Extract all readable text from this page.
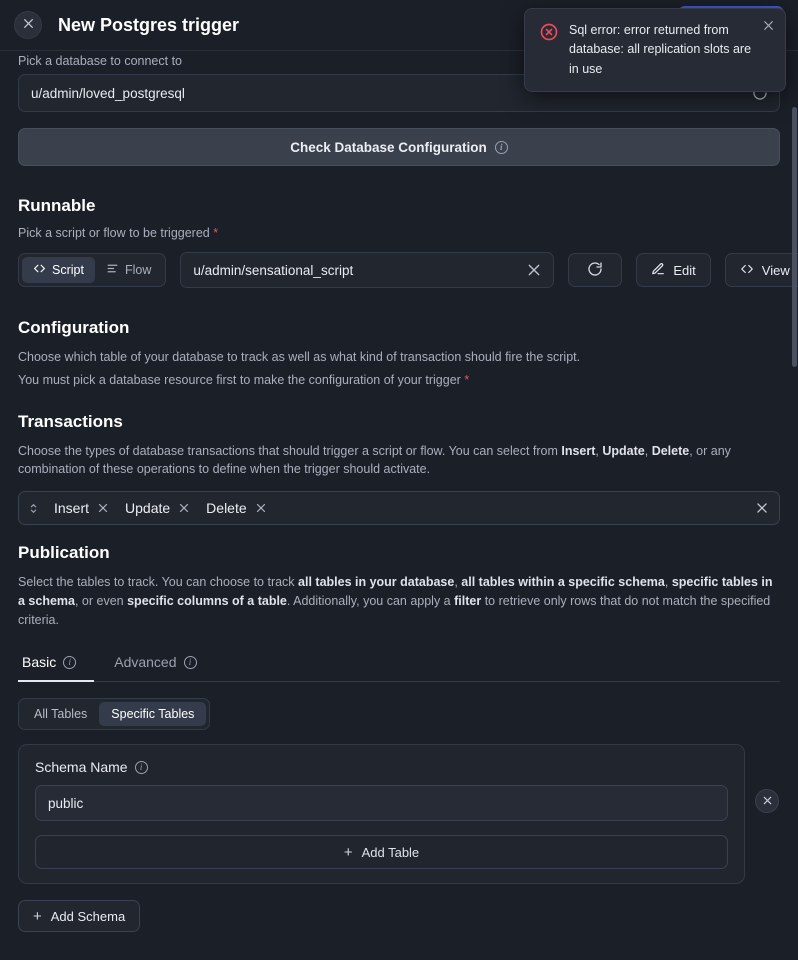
New Postgres trigger	Sql error: error returned from database: all replication slots are in use
Pick a database to connect to
u/admin/loved_postgresql
Check Database Configuration	i
Runnable
Pick a script or flow to be triggered *
Script	Flow
u/admin/sensational_script	Edit	View
Configuration

Choose which table of your database to track as well as what kind of transaction should fire the script.

You must pick a database resource first to make the configuration of your trigger *

Transactions

Choose the types of database transactions that should trigger a script or flow. You can select from Insert, Update, Delete, or any combination of these operations to define when the trigger should activate.

Insert	Update	Delete
Publication

Select the tables to track. You can choose to track all tables in your database, all tables within a specific schema, specific tables in a schema, or even specific columns of a table. Additionally, you can apply a filter to retrieve only rows that do not match the specified criteria.

Basic	i	Advanced	i
All Tables Specific Tables
Schema Name	i
public
+ Add Table
+ Add Schema
